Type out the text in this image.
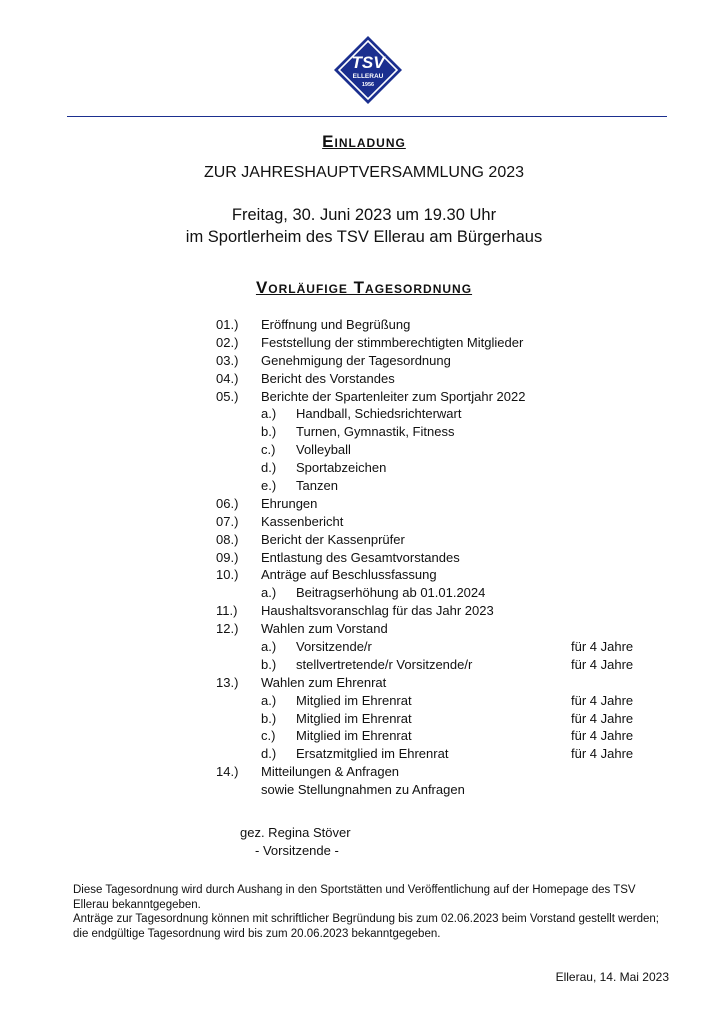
TSV
ELLERAU
1956
Einladung
ZUR JAHRESHAUPTVERSAMMLUNG 2023
Freitag, 30. Juni 2023 um 19.30 Uhr
im Sportlerheim des TSV Ellerau am Bürgerhaus
Vorläufige Tagesordnung
01.) Eröffnung und Begrüßung
02.) Feststellung der stimmberechtigten Mitglieder
03.) Genehmigung der Tagesordnung
04.) Bericht des Vorstandes
05.) Berichte der Spartenleiter zum Sportjahr 2022
a.) Handball, Schiedsrichterwart
b.) Turnen, Gymnastik, Fitness
c.) Volleyball
d.) Sportabzeichen
e.) Tanzen
06.) Ehrungen
07.) Kassenbericht
08.) Bericht der Kassenprüfer
09.) Entlastung des Gesamtvorstandes
10.) Anträge auf Beschlussfassung
a.) Beitragserhöhung ab 01.01.2024
11.) Haushaltsvoranschlag für das Jahr 2023
12.) Wahlen zum Vorstand
a.) Vorsitzende/r	für 4 Jahre
b.) stellvertretende/r Vorsitzende/r	für 4 Jahre
13.) Wahlen zum Ehrenrat
a.) Mitglied im Ehrenrat	für 4 Jahre
b.) Mitglied im Ehrenrat	für 4 Jahre
c.) Mitglied im Ehrenrat	für 4 Jahre
d.) Ersatzmitglied im Ehrenrat	für 4 Jahre
14.) Mitteilungen & Anfragen
sowie Stellungnahmen zu Anfragen
gez. Regina Stöver
- Vorsitzende -

Diese Tagesordnung wird durch Aushang in den Sportstätten und Veröffentlichung auf der Homepage des TSV Ellerau bekanntgegeben.

Anträge zur Tagesordnung können mit schriftlicher Begründung bis zum 02.06.2023 beim Vorstand gestellt werden; die endgültige Tagesordnung wird bis zum 20.06.2023 bekanntgegeben.

Ellerau, 14. Mai 2023
